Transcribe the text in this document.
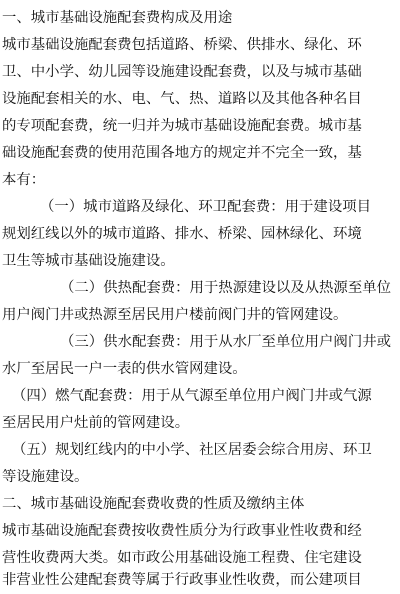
一、城市基础设施配套费构成及用途
城市基础设施配套费包括道路、桥梁、供排水、绿化、环
卫、中小学、幼儿园等设施建设配套费，以及与城市基础
设施配套相关的水、电、气、热、道路以及其他各种名目
的专项配套费，统一归并为城市基础设施配套费。城市基
础设施配套费的使用范围各地方的规定并不完全一致，基
本有：
（一）城市道路及绿化、环卫配套费：用于建设项目
规划红线以外的城市道路、排水、桥梁、园林绿化、环境
卫生等城市基础设施建设。
（二）供热配套费：用于热源建设以及从热源至单位
用户阀门井或热源至居民用户楼前阀门井的管网建设。
（三）供水配套费：用于从水厂至单位用户阀门井或
水厂至居民一户一表的供水管网建设。
（四）燃气配套费：用于从气源至单位用户阀门井或气源
至居民用户灶前的管网建设。
（五）规划红线内的中小学、社区居委会综合用房、环卫
等设施建设。
二、城市基础设施配套费收费的性质及缴纳主体
城市基础设施配套费按收费性质分为行政事业性收费和经
营性收费两大类。如市政公用基础设施工程费、住宅建设
非营业性公建配套费等属于行政事业性收费，而公建项目
